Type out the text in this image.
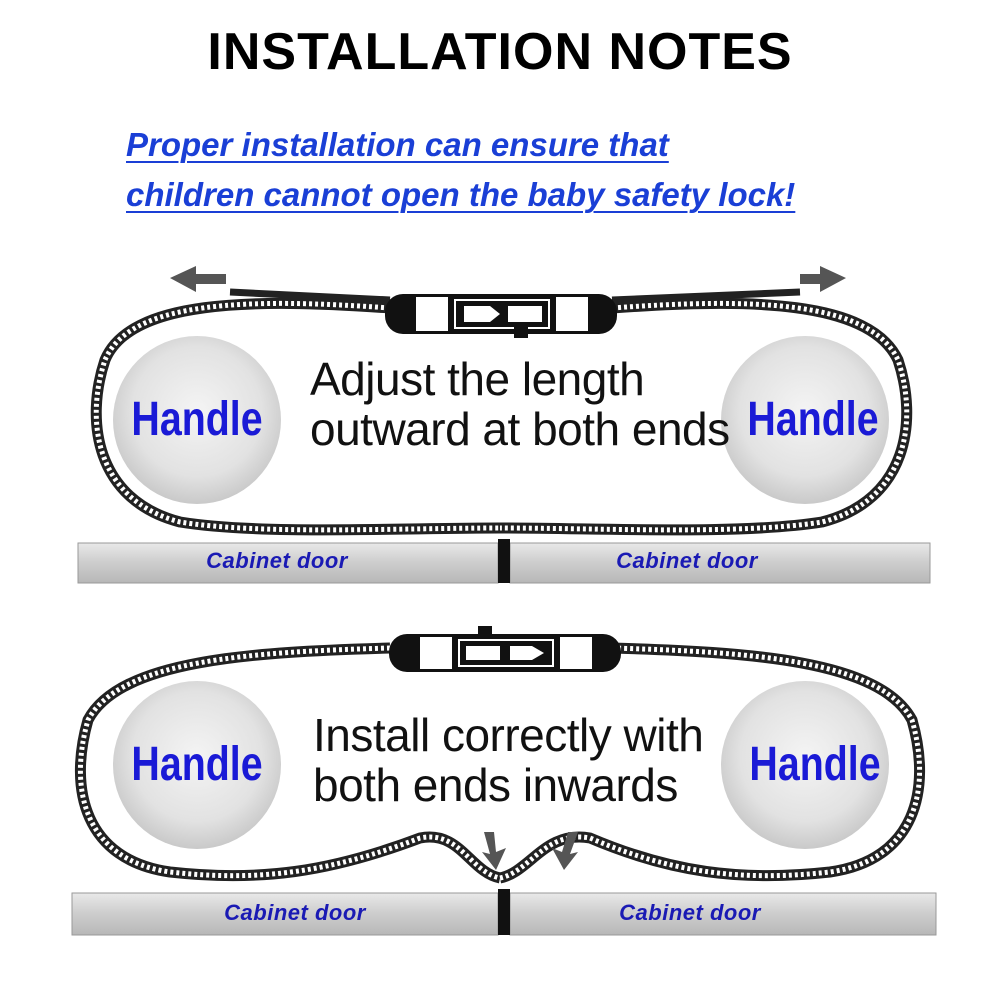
INSTALLATION NOTES
Proper installation can ensure that
children cannot open the baby safety lock!
Adjust the length
outward at both ends
Handle	Handle
Cabinet door	Cabinet door
Install correctly with
both ends inwards
Handle	Handle
Cabinet door	Cabinet door
